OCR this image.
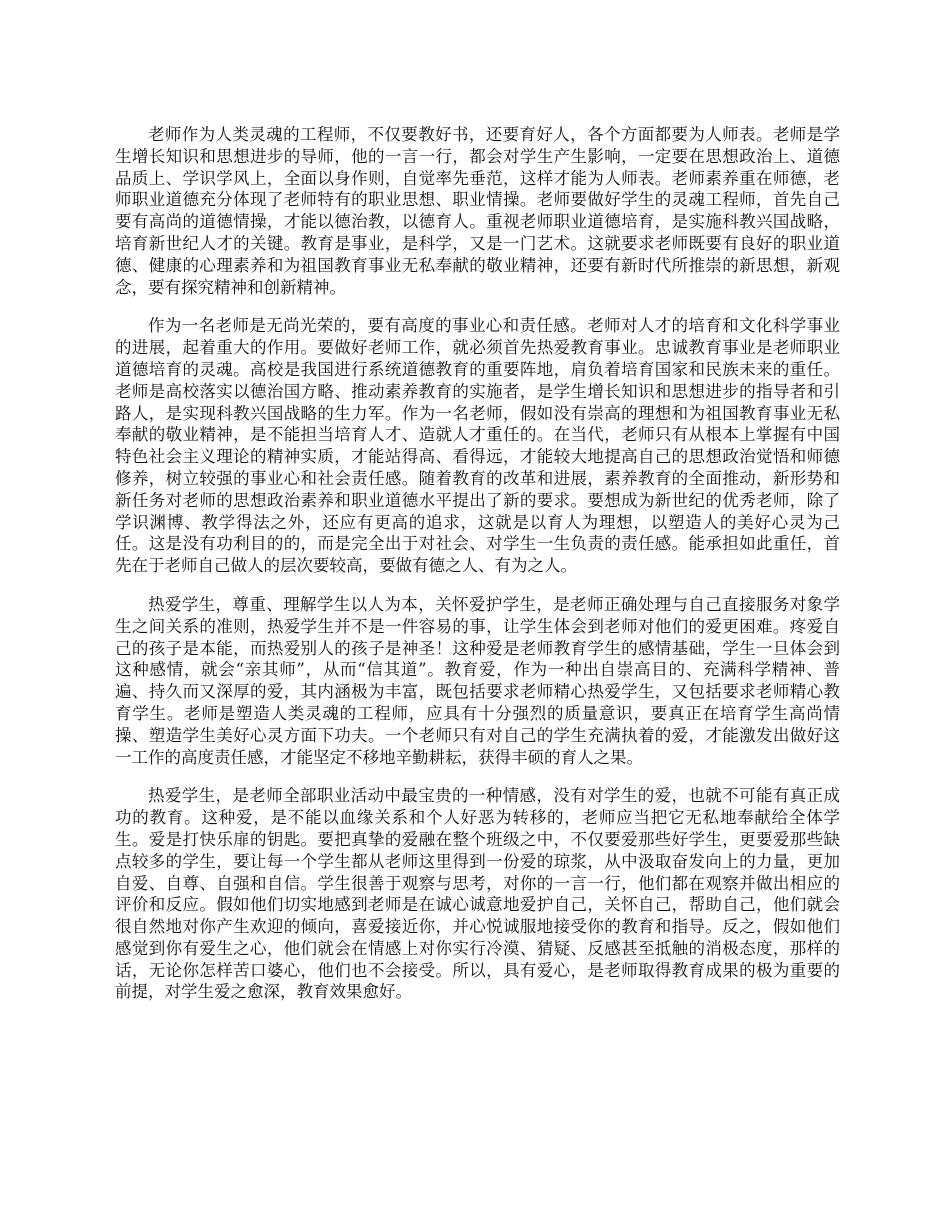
老师作为人类灵魂的工程师，不仅要教好书，还要育好人，各个方面都要为人师表。老师是学生增长知识和思想进步的导师，他的一言一行，都会对学生产生影响，一定要在思想政治上、道德品质上、学识学风上，全面以身作则，自觉率先垂范，这样才能为人师表。老师素养重在师德，老师职业道德充分体现了老师特有的职业思想、职业情操。老师要做好学生的灵魂工程师，首先自己要有高尚的道德情操，才能以德治教，以德育人。重视老师职业道德培育，是实施科教兴国战略，培育新世纪人才的关键。教育是事业，是科学，又是一门艺术。这就要求老师既要有良好的职业道德、健康的心理素养和为祖国教育事业无私奉献的敬业精神，还要有新时代所推崇的新思想，新观念，要有探究精神和创新精神。

作为一名老师是无尚光荣的，要有高度的事业心和责任感。老师对人才的培育和文化科学事业的进展，起着重大的作用。要做好老师工作，就必须首先热爱教育事业。忠诚教育事业是老师职业道德培育的灵魂。高校是我国进行系统道德教育的重要阵地，肩负着培育国家和民族未来的重任。老师是高校落实以德治国方略、推动素养教育的实施者，是学生增长知识和思想进步的指导者和引路人，是实现科教兴国战略的生力军。作为一名老师，假如没有崇高的理想和为祖国教育事业无私奉献的敬业精神，是不能担当培育人才、造就人才重任的。在当代，老师只有从根本上掌握有中国特色社会主义理论的精神实质，才能站得高、看得远，才能较大地提高自己的思想政治觉悟和师德修养，树立较强的事业心和社会责任感。随着教育的改革和进展，素养教育的全面推动，新形势和新任务对老师的思想政治素养和职业道德水平提出了新的要求。要想成为新世纪的优秀老师，除了学识渊博、教学得法之外，还应有更高的追求，这就是以育人为理想，以塑造人的美好心灵为己任。这是没有功利目的的，而是完全出于对社会、对学生一生负责的责任感。能承担如此重任，首先在于老师自己做人的层次要较高，要做有德之人、有为之人。

热爱学生，尊重、理解学生以人为本，关怀爱护学生，是老师正确处理与自己直接服务对象学生之间关系的准则，热爱学生并不是一件容易的事，让学生体会到老师对他们的爱更困难。疼爱自己的孩子是本能，而热爱别人的孩子是神圣！这种爱是老师教育学生的感情基础，学生一旦体会到这种感情，就会“亲其师”，从而“信其道”。教育爱，作为一种出自崇高目的、充满科学精神、普遍、持久而又深厚的爱，其内涵极为丰富，既包括要求老师精心热爱学生，又包括要求老师精心教育学生。老师是塑造人类灵魂的工程师，应具有十分强烈的质量意识，要真正在培育学生高尚情操、塑造学生美好心灵方面下功夫。一个老师只有对自己的学生充满执着的爱，才能激发出做好这一工作的高度责任感，才能坚定不移地辛勤耕耘，获得丰硕的育人之果。

热爱学生，是老师全部职业活动中最宝贵的一种情感，没有对学生的爱，也就不可能有真正成功的教育。这种爱，是不能以血缘关系和个人好恶为转移的，老师应当把它无私地奉献给全体学生。爱是打快乐扉的钥匙。要把真挚的爱融在整个班级之中，不仅要爱那些好学生，更要爱那些缺点较多的学生，要让每一个学生都从老师这里得到一份爱的琼浆，从中汲取奋发向上的力量，更加自爱、自尊、自强和自信。学生很善于观察与思考，对你的一言一行，他们都在观察并做出相应的评价和反应。假如他们切实地感到老师是在诚心诚意地爱护自己，关怀自己，帮助自己，他们就会很自然地对你产生欢迎的倾向，喜爱接近你，并心悦诚服地接受你的教育和指导。反之，假如他们感觉到你有爱生之心，他们就会在情感上对你实行冷漠、猜疑、反感甚至抵触的消极态度，那样的话，无论你怎样苦口婆心，他们也不会接受。所以，具有爱心，是老师取得教育成果的极为重要的前提，对学生爱之愈深，教育效果愈好。
